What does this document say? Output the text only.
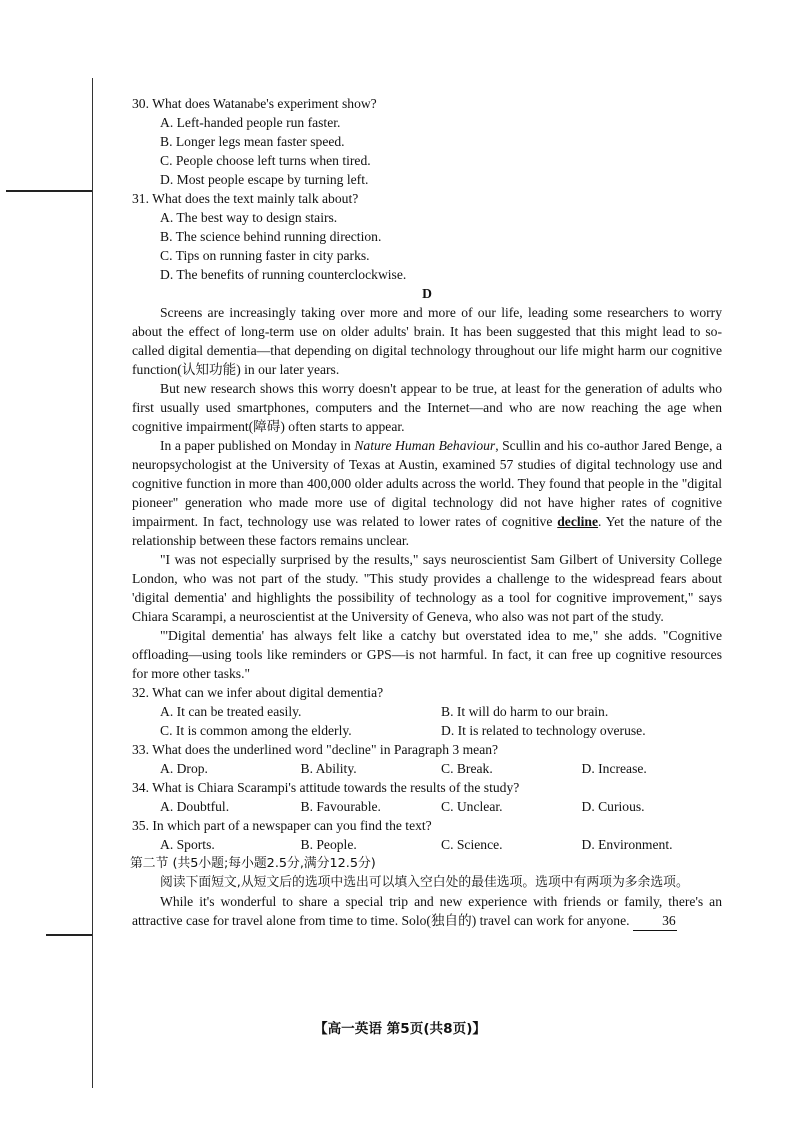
30. What does Watanabe's experiment show?

A. Left-handed people run faster.

B. Longer legs mean faster speed.

C. People choose left turns when tired.

D. Most people escape by turning left.

31. What does the text mainly talk about?

A. The best way to design stairs.

B. The science behind running direction.

C. Tips on running faster in city parks.

D. The benefits of running counterclockwise.

D

Screens are increasingly taking over more and more of our life, leading some researchers to worry about the effect of long-term use on older adults' brain. It has been suggested that this might lead to so-called digital dementia—that depending on digital technology throughout our life might harm our cognitive function(认知功能) in our later years.

But new research shows this worry doesn't appear to be true, at least for the generation of adults who first usually used smartphones, computers and the Internet—and who are now reaching the age when cognitive impairment(障碍) often starts to appear.

In a paper published on Monday in Nature Human Behaviour, Scullin and his co-author Jared Benge, a neuropsychologist at the University of Texas at Austin, examined 57 studies of digital technology use and cognitive function in more than 400,000 older adults across the world. They found that people in the "digital pioneer" generation who made more use of digital technology did not have higher rates of cognitive impairment. In fact, technology use was related to lower rates of cognitive decline. Yet the nature of the relationship between these factors remains unclear.

"I was not especially surprised by the results," says neuroscientist Sam Gilbert of University College London, who was not part of the study. "This study provides a challenge to the widespread fears about 'digital dementia' and highlights the possibility of technology as a tool for cognitive improvement," says Chiara Scarampi, a neuroscientist at the University of Geneva, who also was not part of the study.

"'Digital dementia' has always felt like a catchy but overstated idea to me," she adds. "Cognitive offloading—using tools like reminders or GPS—is not harmful. In fact, it can free up cognitive resources for more other tasks."

32. What can we infer about digital dementia?

A. It can be treated easily.	B. It will do harm to our brain.
C. It is common among the elderly.	D. It is related to technology overuse.

33. What does the underlined word "decline" in Paragraph 3 mean?

A. Drop.	B. Ability.	C. Break.	D. Increase.

34. What is Chiara Scarampi's attitude towards the results of the study?

A. Doubtful.	B. Favourable.	C. Unclear.	D. Curious.

35. In which part of a newspaper can you find the text?

A. Sports.	B. People.	C. Science.	D. Environment.

第二节 (共5小题;每小题2.5分,满分12.5分)

阅读下面短文,从短文后的选项中选出可以填入空白处的最佳选项。选项中有两项为多余选项。

While it's wonderful to share a special trip and new experience with friends or family, there's an attractive case for travel alone from time to time. Solo(独自的) travel can work for anyone. 36

【高一英语 第5页(共8页)】
